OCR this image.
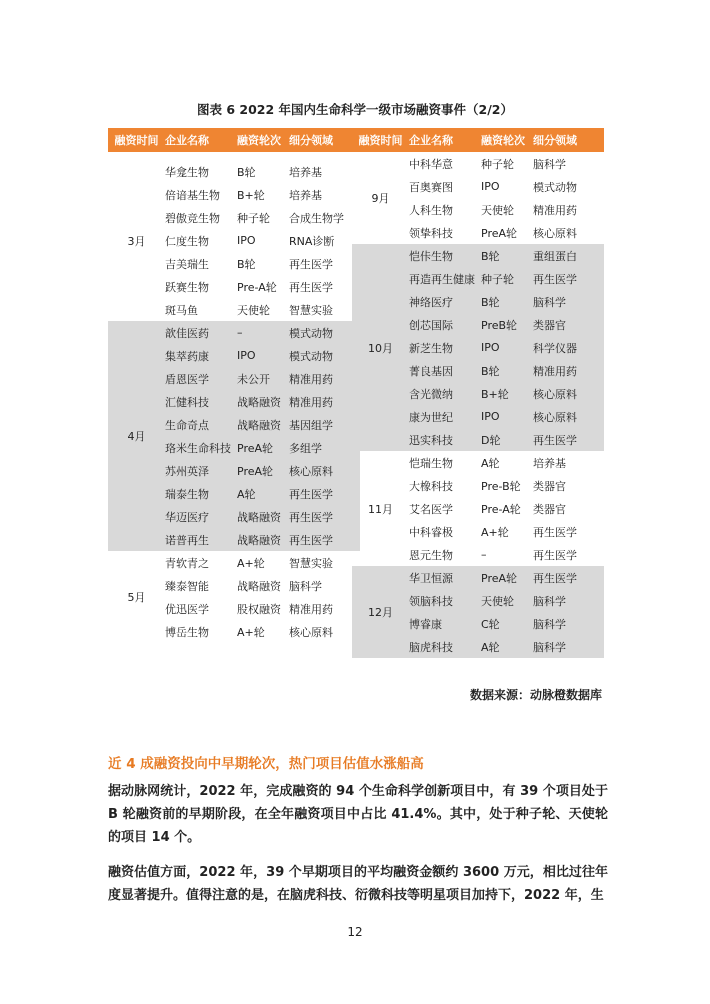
图表 6 2022 年国内生命科学一级市场融资事件（2/2）
融资时间 企业名称	融资轮次 细分领域
3月
华龛生物	B轮	培养基
倍谙基生物	B+轮	培养基
碧傲竞生物	种子轮	合成生物学
仁度生物	IPO	RNA诊断
吉美瑞生	B轮	再生医学
跃赛生物	Pre-A轮	再生医学
斑马鱼	天使轮	智慧实验
4月
歆佳医药	–	模式动物
集萃药康	IPO	模式动物
盾恩医学	未公开	精准用药
汇健科技	战略融资 精准用药
生命奇点	战略融资 基因组学
珞米生命科技 PreA轮	多组学
苏州英泽	PreA轮	核心原料
瑞泰生物	A轮	再生医学
华迈医疗	战略融资 再生医学
诺普再生	战略融资 再生医学
5月
青软青之	A+轮	智慧实验
臻泰智能	战略融资 脑科学
优迅医学	股权融资 精准用药
博岳生物	A+轮	核心原料
融资时间 企业名称	融资轮次 细分领域
9月
中科华意	种子轮	脑科学
百奥赛图	IPO	模式动物
人科生物	天使轮	精准用药
领挚科技	PreA轮	核心原料
10月
恺佧生物	B轮	重组蛋白
再造再生健康 种子轮	再生医学
神络医疗	B轮	脑科学
创芯国际	PreB轮	类器官
新芝生物	IPO	科学仪器
菁良基因	B轮	精准用药
含光微纳	B+轮	核心原料
康为世纪	IPO	核心原料
迅实科技	D轮	再生医学
11月
恺瑞生物	A轮	培养基
大橡科技	Pre-B轮	类器官
艾名医学	Pre-A轮	类器官
中科睿极	A+轮	再生医学
恩元生物	–	再生医学
12月
华卫恒源	PreA轮	再生医学
领脑科技	天使轮	脑科学
博睿康	C轮	脑科学
脑虎科技	A轮	脑科学
数据来源：动脉橙数据库
近 4 成融资投向中早期轮次，热门项目估值水涨船高
据动脉网统计，2022 年，完成融资的 94 个生命科学创新项目中，有 39 个项目处于 B 轮融资前的早期阶段，在全年融资项目中占比 41.4%。其中，处于种子轮、天使轮的项目 14 个。
融资估值方面，2022 年，39 个早期项目的平均融资金额约 3600 万元，相比过往年度显著提升。值得注意的是，在脑虎科技、衍微科技等明星项目加持下，2022 年，生
12
